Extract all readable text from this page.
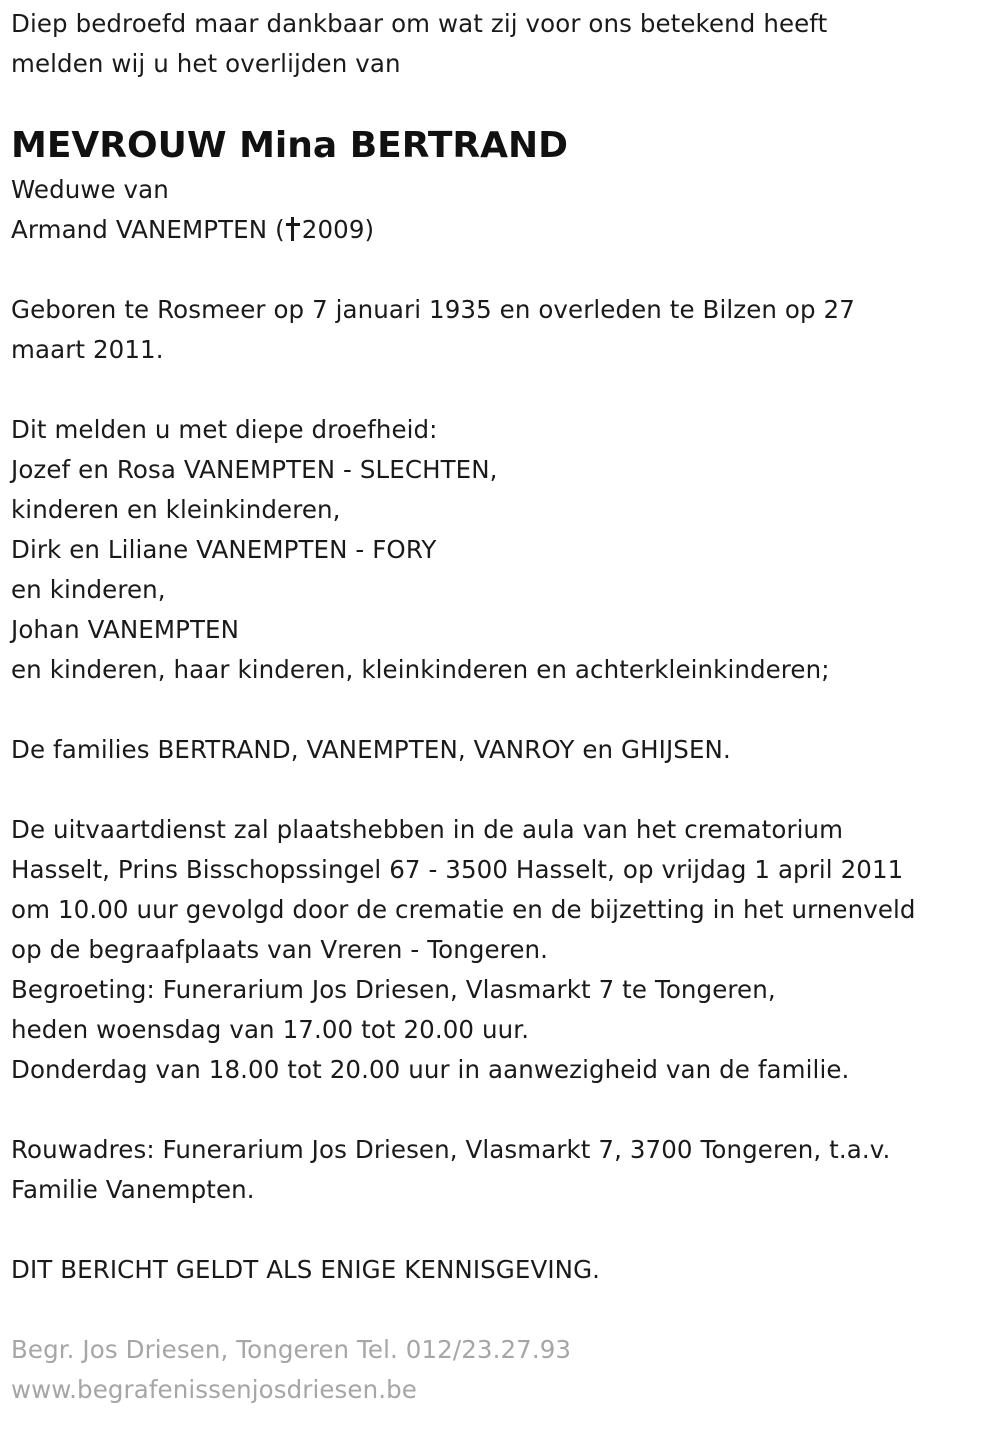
Diep bedroefd maar dankbaar om wat zij voor ons betekend heeft
melden wij u het overlijden van
MEVROUW Mina BERTRAND
Weduwe van
Armand VANEMPTEN ( 2009)
Geboren te Rosmeer op 7 januari 1935 en overleden te Bilzen op 27
maart 2011.
Dit melden u met diepe droefheid:
Jozef en Rosa VANEMPTEN - SLECHTEN,
kinderen en kleinkinderen,
Dirk en Liliane VANEMPTEN - FORY
en kinderen,
Johan VANEMPTEN
en kinderen, haar kinderen, kleinkinderen en achterkleinkinderen;
De families BERTRAND, VANEMPTEN, VANROY en GHIJSEN.
De uitvaartdienst zal plaatshebben in de aula van het crematorium
Hasselt, Prins Bisschopssingel 67 - 3500 Hasselt, op vrijdag 1 april 2011
om 10.00 uur gevolgd door de crematie en de bijzetting in het urnenveld
op de begraafplaats van Vreren - Tongeren.
Begroeting: Funerarium Jos Driesen, Vlasmarkt 7 te Tongeren,
heden woensdag van 17.00 tot 20.00 uur.
Donderdag van 18.00 tot 20.00 uur in aanwezigheid van de familie.
Rouwadres: Funerarium Jos Driesen, Vlasmarkt 7, 3700 Tongeren, t.a.v.
Familie Vanempten.
DIT BERICHT GELDT ALS ENIGE KENNISGEVING.
Begr. Jos Driesen, Tongeren Tel. 012/23.27.93
www.begrafenissenjosdriesen.be
